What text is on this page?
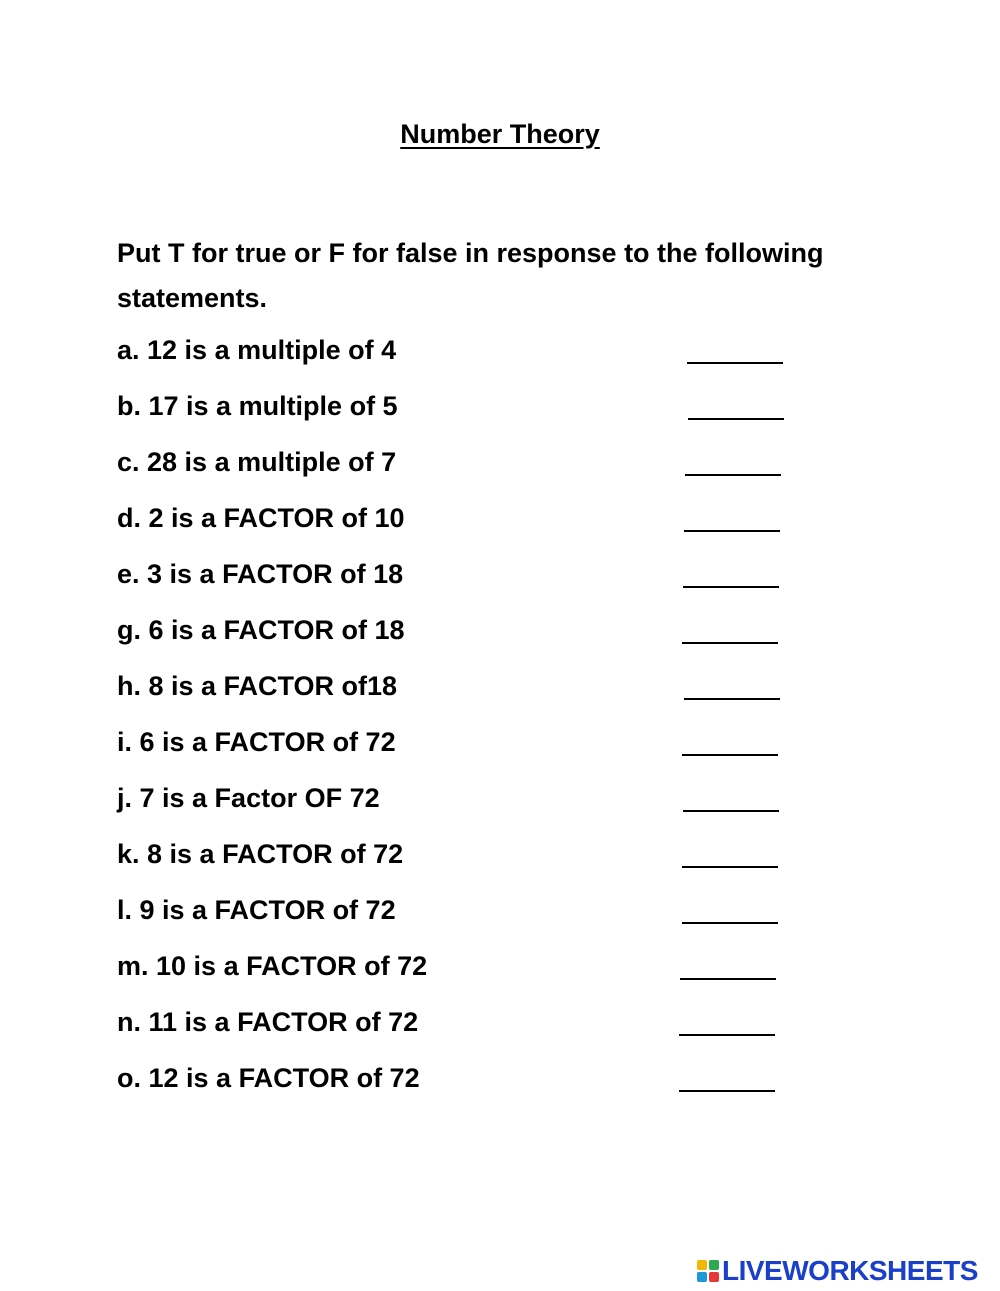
Number Theory

Put T for true or F for false in response to the following statements.

a. 12 is a multiple of 4
b. 17 is a multiple of 5
c. 28 is a multiple of 7
d. 2 is a FACTOR of 10
e. 3 is a FACTOR of 18
g. 6 is a FACTOR of 18
h. 8 is a FACTOR of18
i. 6 is a FACTOR of 72
j. 7 is a Factor OF 72
k. 8 is a FACTOR of 72
l. 9 is a FACTOR of 72
m. 10 is a FACTOR of 72
n. 11 is a FACTOR of 72
o. 12 is a FACTOR of 72
LIVEWORKSHEETS
